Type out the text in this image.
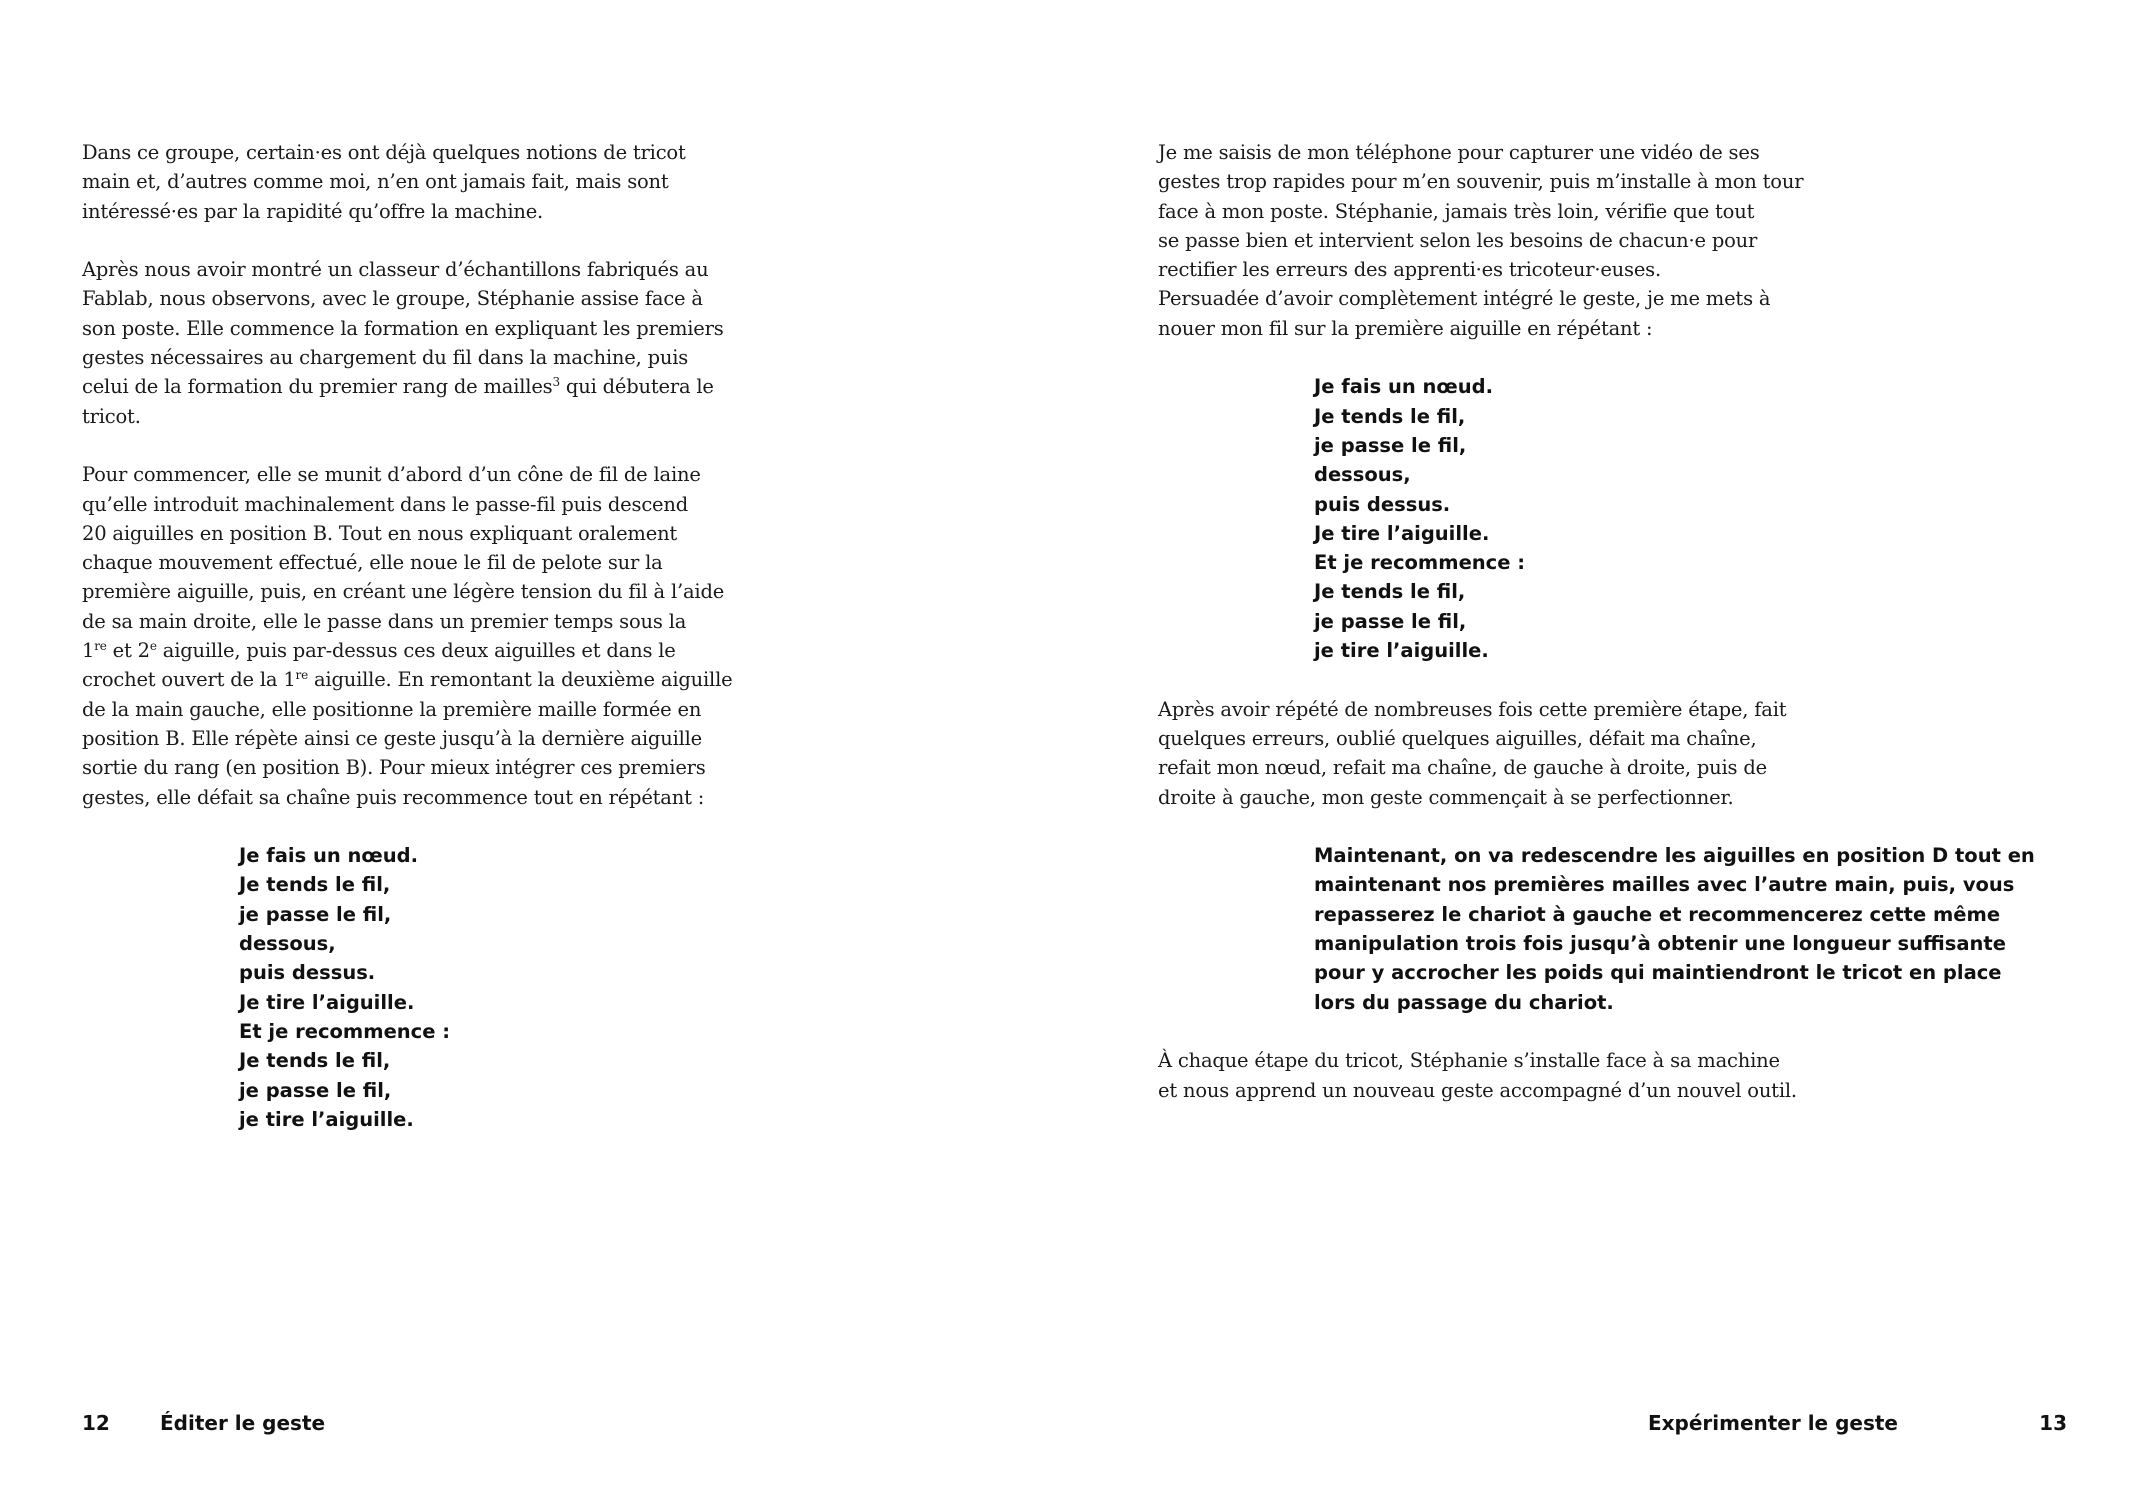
Dans ce groupe, certain·es ont déjà quelques notions de tricot
main et, d’autres comme moi, n’en ont jamais fait, mais sont
intéressé·es par la rapidité qu’offre la machine.

Après nous avoir montré un classeur d’échantillons fabriqués au
Fablab, nous observons, avec le groupe, Stéphanie assise face à
son poste. Elle commence la formation en expliquant les premiers
gestes nécessaires au chargement du fil dans la machine, puis
celui de la formation du premier rang de mailles$^3$ qui débutera le
tricot.

Pour commencer, elle se munit d’abord d’un cône de fil de laine
qu’elle introduit machinalement dans le passe-fil puis descend
20 aiguilles en position B. Tout en nous expliquant oralement
chaque mouvement effectué, elle noue le fil de pelote sur la
première aiguille, puis, en créant une légère tension du fil à l’aide
de sa main droite, elle le passe dans un premier temps sous la
1re et 2e aiguille, puis par-dessus ces deux aiguilles et dans le
crochet ouvert de la 1re aiguille. En remontant la deuxième aiguille

de la main gauche, elle positionne la première maille formée en
position B. Elle répète ainsi ce geste jusqu’à la dernière aiguille
sortie du rang (en position B). Pour mieux intégrer ces premiers
gestes, elle défait sa chaîne puis recommence tout en répétant :

Je fais un nœud.
Je tends le fil,
je passe le fil,
dessous,
puis dessus.
Je tire l’aiguille.
Et je recommence :
Je tends le fil,
je passe le fil,
je tire l’aiguille.
12	Éditer le geste

Je me saisis de mon téléphone pour capturer une vidéo de ses
gestes trop rapides pour m’en souvenir, puis m’installe à mon tour
face à mon poste. Stéphanie, jamais très loin, vérifie que tout
se passe bien et intervient selon les besoins de chacun·e pour
rectifier les erreurs des apprenti·es tricoteur·euses.
Persuadée d’avoir complètement intégré le geste, je me mets à
nouer mon fil sur la première aiguille en répétant :

Je fais un nœud.
Je tends le fil,
je passe le fil,
dessous,
puis dessus.
Je tire l’aiguille.
Et je recommence :
Je tends le fil,
je passe le fil,
je tire l’aiguille.

Après avoir répété de nombreuses fois cette première étape, fait
quelques erreurs, oublié quelques aiguilles, défait ma chaîne,
refait mon nœud, refait ma chaîne, de gauche à droite, puis de
droite à gauche, mon geste commençait à se perfectionner.

Maintenant, on va redescendre les aiguilles en position D tout en
maintenant nos premières mailles avec l’autre main, puis, vous
repasserez le chariot à gauche et recommencerez cette même
manipulation trois fois jusqu’à obtenir une longueur suffisante
pour y accrocher les poids qui maintiendront le tricot en place
lors du passage du chariot.

À chaque étape du tricot, Stéphanie s’installe face à sa machine
et nous apprend un nouveau geste accompagné d’un nouvel outil.

Expérimenter le geste	13
